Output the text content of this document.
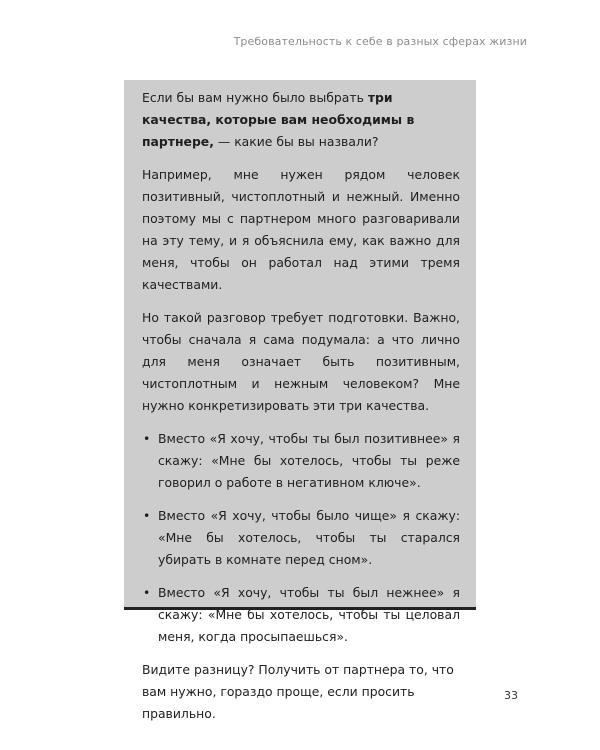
Требовательность к себе в разных сферах жизни

Если бы вам нужно было выбрать три качества, которые вам необходимы в партнере, — какие бы вы назвали?

Например, мне нужен рядом человек позитивный, чистоплотный и нежный. Именно поэтому мы с партнером много разговаривали на эту тему, и я объяснила ему, как важно для меня, чтобы он работал над этими тремя качествами.

Но такой разговор требует подготовки. Важно, чтобы сначала я сама подумала: а что лично для меня означает быть позитивным, чистоплотным и нежным человеком? Мне нужно конкретизировать эти три качества.

• Вместо «Я хочу, чтобы ты был позитивнее» я скажу: «Мне бы хотелось, чтобы ты реже говорил о работе в негативном ключе».
• Вместо «Я хочу, чтобы было чище» я скажу: «Мне бы хотелось, чтобы ты старался убирать в комнате перед сном».
• Вместо «Я хочу, чтобы ты был нежнее» я скажу: «Мне бы хотелось, чтобы ты целовал меня, когда просыпаешься».

Видите разницу? Получить от партнера то, что вам нужно, гораздо проще, если просить правильно.

33
